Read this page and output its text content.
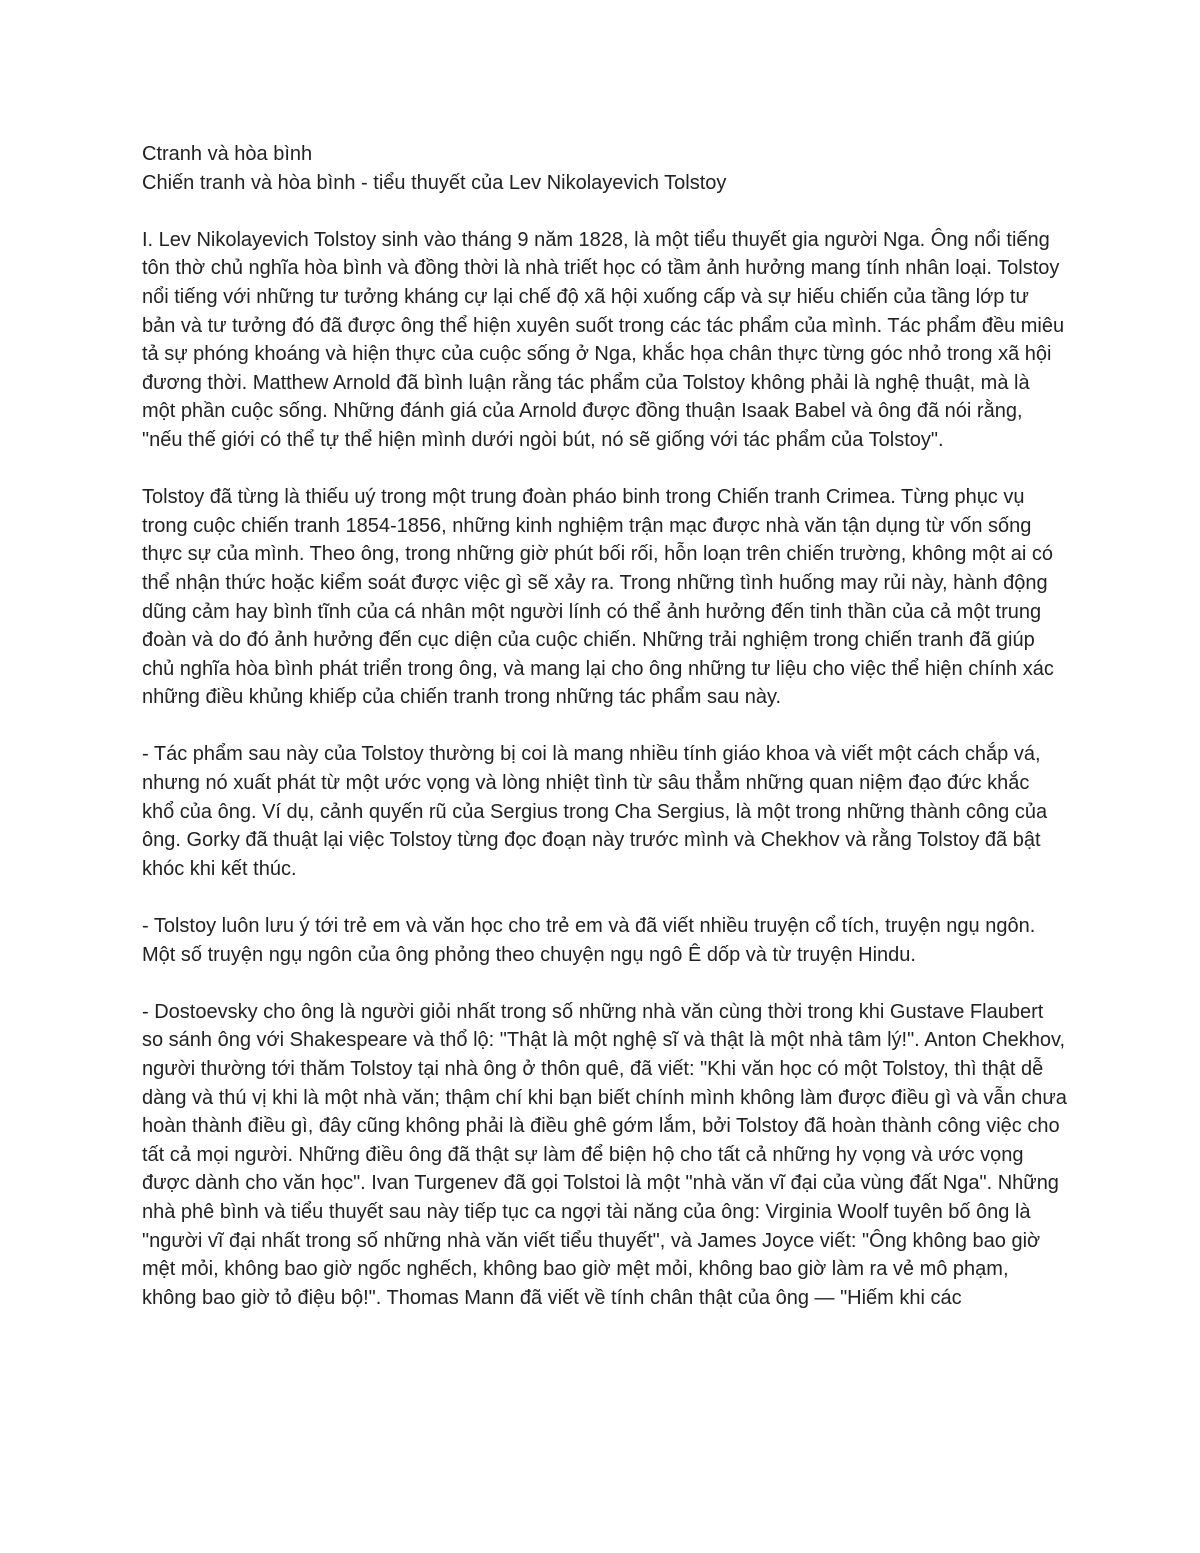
Ctranh và hòa bình

Chiến tranh và hòa bình - tiểu thuyết của Lev Nikolayevich Tolstoy

I. Lev Nikolayevich Tolstoy sinh vào tháng 9 năm 1828, là một tiểu thuyết gia người Nga. Ông nổi tiếng tôn thờ chủ nghĩa hòa bình và đồng thời là nhà triết học có tầm ảnh hưởng mang tính nhân loại. Tolstoy nổi tiếng với những tư tưởng kháng cự lại chế độ xã hội xuống cấp và sự hiếu chiến của tầng lớp tư bản và tư tưởng đó đã được ông thể hiện xuyên suốt trong các tác phẩm của mình. Tác phẩm đều miêu tả sự phóng khoáng và hiện thực của cuộc sống ở Nga, khắc họa chân thực từng góc nhỏ trong xã hội đương thời. Matthew Arnold đã bình luận rằng tác phẩm của Tolstoy không phải là nghệ thuật, mà là một phần cuộc sống. Những đánh giá của Arnold được đồng thuận Isaak Babel và ông đã nói rằng, "nếu thế giới có thể tự thể hiện mình dưới ngòi bút, nó sẽ giống với tác phẩm của Tolstoy".

Tolstoy đã từng là thiếu uý trong một trung đoàn pháo binh trong Chiến tranh Crimea. Từng phục vụ trong cuộc chiến tranh 1854-1856, những kinh nghiệm trận mạc được nhà văn tận dụng từ vốn sống thực sự của mình. Theo ông, trong những giờ phút bối rối, hỗn loạn trên chiến trường, không một ai có thể nhận thức hoặc kiểm soát được việc gì sẽ xảy ra. Trong những tình huống may rủi này, hành động dũng cảm hay bình tĩnh của cá nhân một người lính có thể ảnh hưởng đến tinh thần của cả một trung đoàn và do đó ảnh hưởng đến cục diện của cuộc chiến. Những trải nghiệm trong chiến tranh đã giúp chủ nghĩa hòa bình phát triển trong ông, và mang lại cho ông những tư liệu cho việc thể hiện chính xác những điều khủng khiếp của chiến tranh trong những tác phẩm sau này.

- Tác phẩm sau này của Tolstoy thường bị coi là mang nhiều tính giáo khoa và viết một cách chắp vá, nhưng nó xuất phát từ một ước vọng và lòng nhiệt tình từ sâu thẳm những quan niệm đạo đức khắc khổ của ông. Ví dụ, cảnh quyến rũ của Sergius trong Cha Sergius, là một trong những thành công của ông. Gorky đã thuật lại việc Tolstoy từng đọc đoạn này trước mình và Chekhov và rằng Tolstoy đã bật khóc khi kết thúc.

- Tolstoy luôn lưu ý tới trẻ em và văn học cho trẻ em và đã viết nhiều truyện cổ tích, truyện ngụ ngôn. Một số truyện ngụ ngôn của ông phỏng theo chuyện ngụ ngô Ê dốp và từ truyện Hindu.

- Dostoevsky cho ông là người giỏi nhất trong số những nhà văn cùng thời trong khi Gustave Flaubert so sánh ông với Shakespeare và thổ lộ: "Thật là một nghệ sĩ và thật là một nhà tâm lý!". Anton Chekhov, người thường tới thăm Tolstoy tại nhà ông ở thôn quê, đã viết: "Khi văn học có một Tolstoy, thì thật dễ dàng và thú vị khi là một nhà văn; thậm chí khi bạn biết chính mình không làm được điều gì và vẫn chưa hoàn thành điều gì, đây cũng không phải là điều ghê gớm lắm, bởi Tolstoy đã hoàn thành công việc cho tất cả mọi người. Những điều ông đã thật sự làm để biện hộ cho tất cả những hy vọng và ước vọng được dành cho văn học". Ivan Turgenev đã gọi Tolstoi là một "nhà văn vĩ đại của vùng đất Nga". Những nhà phê bình và tiểu thuyết sau này tiếp tục ca ngợi tài năng của ông: Virginia Woolf tuyên bố ông là "người vĩ đại nhất trong số những nhà văn viết tiểu thuyết", và James Joyce viết: "Ông không bao giờ mệt mỏi, không bao giờ ngốc nghếch, không bao giờ mệt mỏi, không bao giờ làm ra vẻ mô phạm, không bao giờ tỏ điệu bộ!". Thomas Mann đã viết về tính chân thật của ông — "Hiếm khi các
